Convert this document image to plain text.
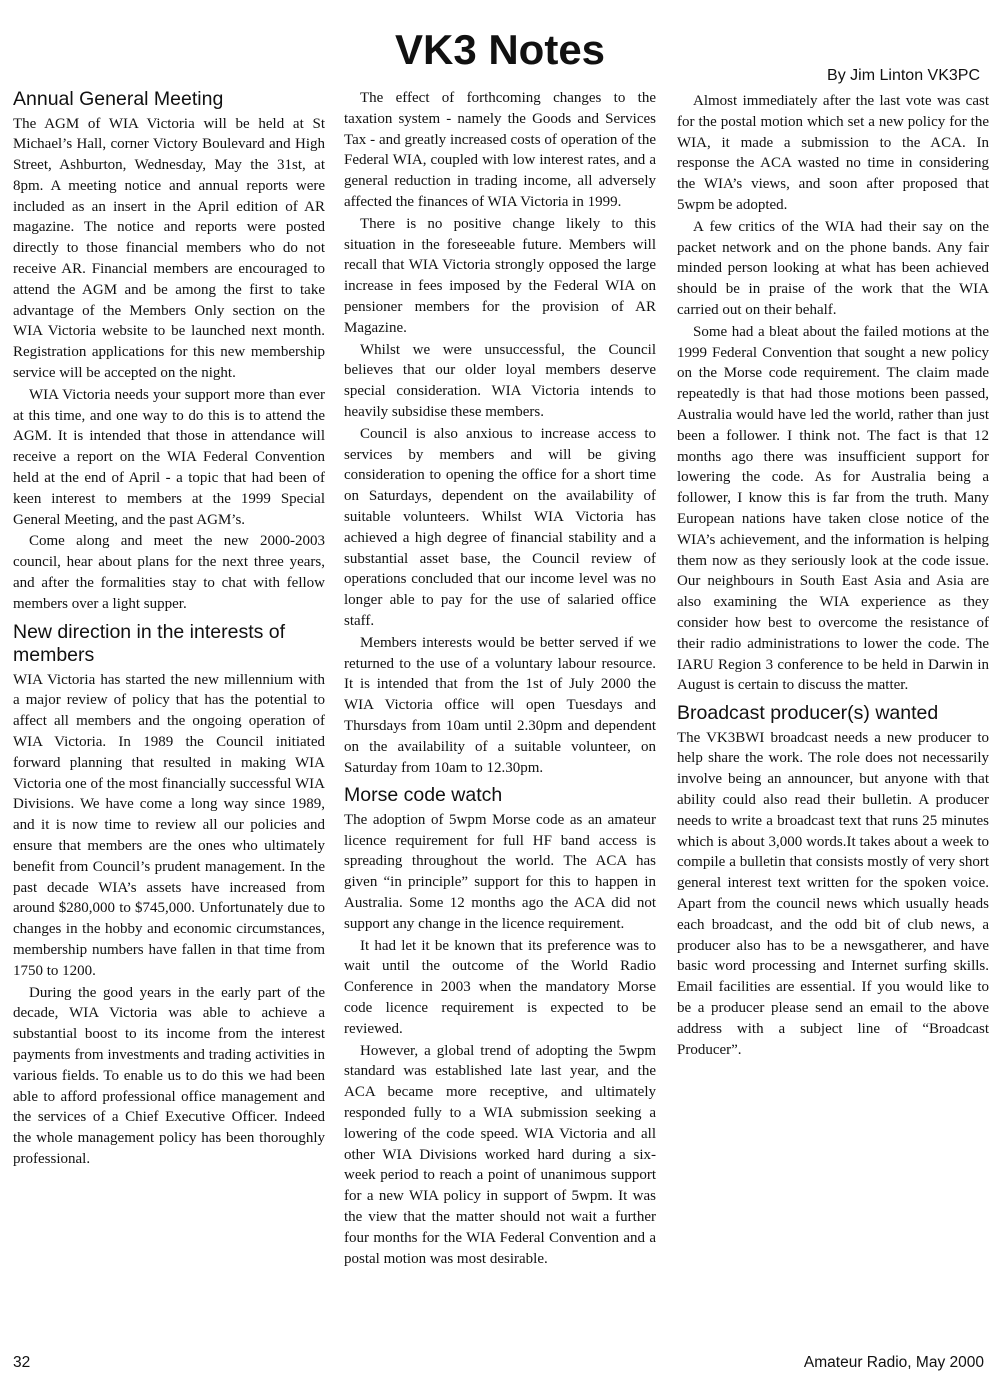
VK3 Notes
By Jim Linton VK3PC
Annual General Meeting

The AGM of WIA Victoria will be held at St Michael’s Hall, corner Victory Boulevard and High Street, Ashburton, Wednesday, May the 31st, at 8pm. A meeting notice and annual reports were included as an insert in the April edition of AR magazine. The notice and reports were posted directly to those financial members who do not receive AR. Financial members are encouraged to attend the AGM and be among the first to take advantage of the Members Only section on the WIA Victoria website to be launched next month. Registration applications for this new membership service will be accepted on the night.

WIA Victoria needs your support more than ever at this time, and one way to do this is to attend the AGM. It is intended that those in attendance will receive a report on the WIA Federal Convention held at the end of April - a topic that had been of keen interest to members at the 1999 Special General Meeting, and the past AGM’s.

Come along and meet the new 2000-2003 council, hear about plans for the next three years, and after the formalities stay to chat with fellow members over a light supper.

New direction in the interests of members

WIA Victoria has started the new millennium with a major review of policy that has the potential to affect all members and the ongoing operation of WIA Victoria. In 1989 the Council initiated forward planning that resulted in making WIA Victoria one of the most financially successful WIA Divisions. We have come a long way since 1989, and it is now time to review all our policies and ensure that members are the ones who ultimately benefit from Council’s prudent management. In the past decade WIA’s assets have increased from around $280,000 to $745,000. Unfortunately due to changes in the hobby and economic circumstances, membership numbers have fallen in that time from 1750 to 1200.

During the good years in the early part of the decade, WIA Victoria was able to achieve a substantial boost to its income from the interest payments from investments and trading activities in various fields. To enable us to do this we had been able to afford professional office management and the services of a Chief Executive Officer. Indeed the whole management policy has been thoroughly professional.

The effect of forthcoming changes to the taxation system - namely the Goods and Services Tax - and greatly increased costs of operation of the Federal WIA, coupled with low interest rates, and a general reduction in trading income, all adversely affected the finances of WIA Victoria in 1999.

There is no positive change likely to this situation in the foreseeable future. Members will recall that WIA Victoria strongly opposed the large increase in fees imposed by the Federal WIA on pensioner members for the provision of AR Magazine.

Whilst we were unsuccessful, the Council believes that our older loyal members deserve special consideration. WIA Victoria intends to heavily subsidise these members.

Council is also anxious to increase access to services by members and will be giving consideration to opening the office for a short time on Saturdays, dependent on the availability of suitable volunteers. Whilst WIA Victoria has achieved a high degree of financial stability and a substantial asset base, the Council review of operations concluded that our income level was no longer able to pay for the use of salaried office staff.

Members interests would be better served if we returned to the use of a voluntary labour resource. It is intended that from the 1st of July 2000 the WIA Victoria office will open Tuesdays and Thursdays from 10am until 2.30pm and dependent on the availability of a suitable volunteer, on Saturday from 10am to 12.30pm.

Morse code watch

The adoption of 5wpm Morse code as an amateur licence requirement for full HF band access is spreading throughout the world. The ACA has given “in principle” support for this to happen in Australia. Some 12 months ago the ACA did not support any change in the licence requirement.

It had let it be known that its preference was to wait until the outcome of the World Radio Conference in 2003 when the mandatory Morse code licence requirement is expected to be reviewed.

However, a global trend of adopting the 5wpm standard was established late last year, and the ACA became more receptive, and ultimately responded fully to a WIA submission seeking a lowering of the code speed. WIA Victoria and all other WIA Divisions worked hard during a six-week period to reach a point of unanimous support for a new WIA policy in support of 5wpm. It was the view that the matter should not wait a further four months for the WIA Federal Convention and a postal motion was most desirable.

Almost immediately after the last vote was cast for the postal motion which set a new policy for the WIA, it made a submission to the ACA. In response the ACA wasted no time in considering the WIA’s views, and soon after proposed that 5wpm be adopted.

A few critics of the WIA had their say on the packet network and on the phone bands. Any fair minded person looking at what has been achieved should be in praise of the work that the WIA carried out on their behalf.

Some had a bleat about the failed motions at the 1999 Federal Convention that sought a new policy on the Morse code requirement. The claim made repeatedly is that had those motions been passed, Australia would have led the world, rather than just been a follower. I think not. The fact is that 12 months ago there was insufficient support for lowering the code. As for Australia being a follower, I know this is far from the truth. Many European nations have taken close notice of the WIA’s achievement, and the information is helping them now as they seriously look at the code issue. Our neighbours in South East Asia and Asia are also examining the WIA experience as they consider how best to overcome the resistance of their radio administrations to lower the code. The IARU Region 3 conference to be held in Darwin in August is certain to discuss the matter.

Broadcast producer(s) wanted

The VK3BWI broadcast needs a new producer to help share the work. The role does not necessarily involve being an announcer, but anyone with that ability could also read their bulletin. A producer needs to write a broadcast text that runs 25 minutes which is about 3,000 words.It takes about a week to compile a bulletin that consists mostly of very short general interest text written for the spoken voice. Apart from the council news which usually heads each broadcast, and the odd bit of club news, a producer also has to be a newsgatherer, and have basic word processing and Internet surfing skills. Email facilities are essential. If you would like to be a producer please send an email to the above address with a subject line of “Broadcast Producer”.

32	Amateur Radio, May 2000
